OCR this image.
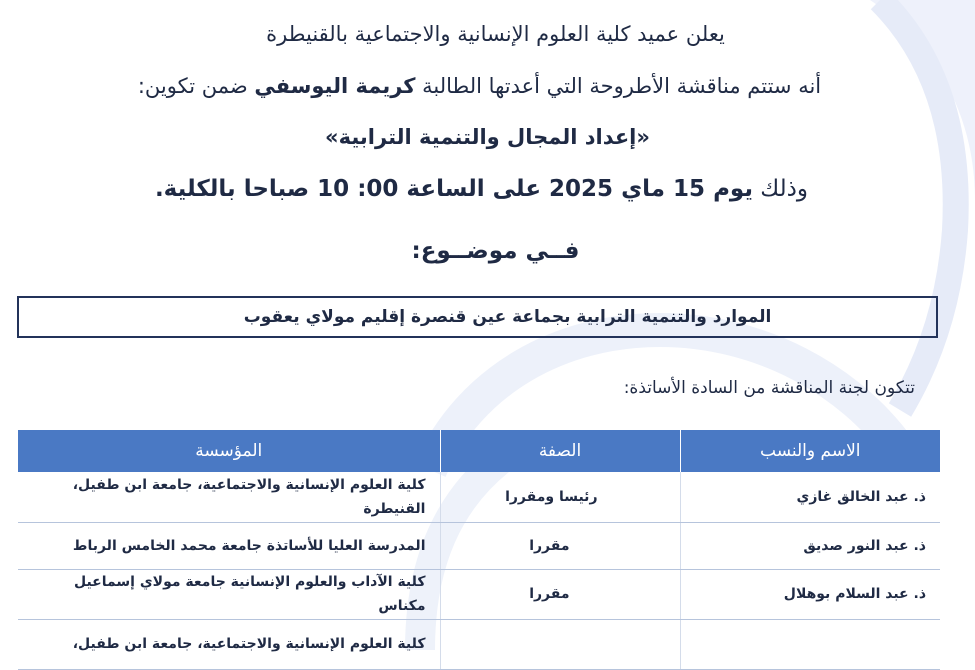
يعلن عميد كلية العلوم الإنسانية والاجتماعية بالقنيطرة
أنه ستتم مناقشة الأطروحة التي أعدتها الطالبة كريمة اليوسفي ضمن تكوين:
«إعداد المجال والتنمية الترابية»
وذلك يوم 15 ماي 2025 على الساعة 00: 10 صباحا بالكلية.
فــي موضــوع:
الموارد والتنمية الترابية بجماعة عين قنصرة إقليم مولاي يعقوب
تتكون لجنة المناقشة من السادة الأساتذة:
الاسم والنسب	الصفة	المؤسسة
ذ. عبد الخالق غازي	رئيسا ومقررا	كلية العلوم الإنسانية والاجتماعية، جامعة ابن طفيل، القنيطرة
ذ. عبد النور صديق	مقررا	المدرسة العليا للأساتذة جامعة محمد الخامس الرباط
ذ. عبد السلام بوهلال	مقررا	كلية الآداب والعلوم الإنسانية جامعة مولاي إسماعيل مكناس
		كلية العلوم الإنسانية والاجتماعية، جامعة ابن طفيل،
